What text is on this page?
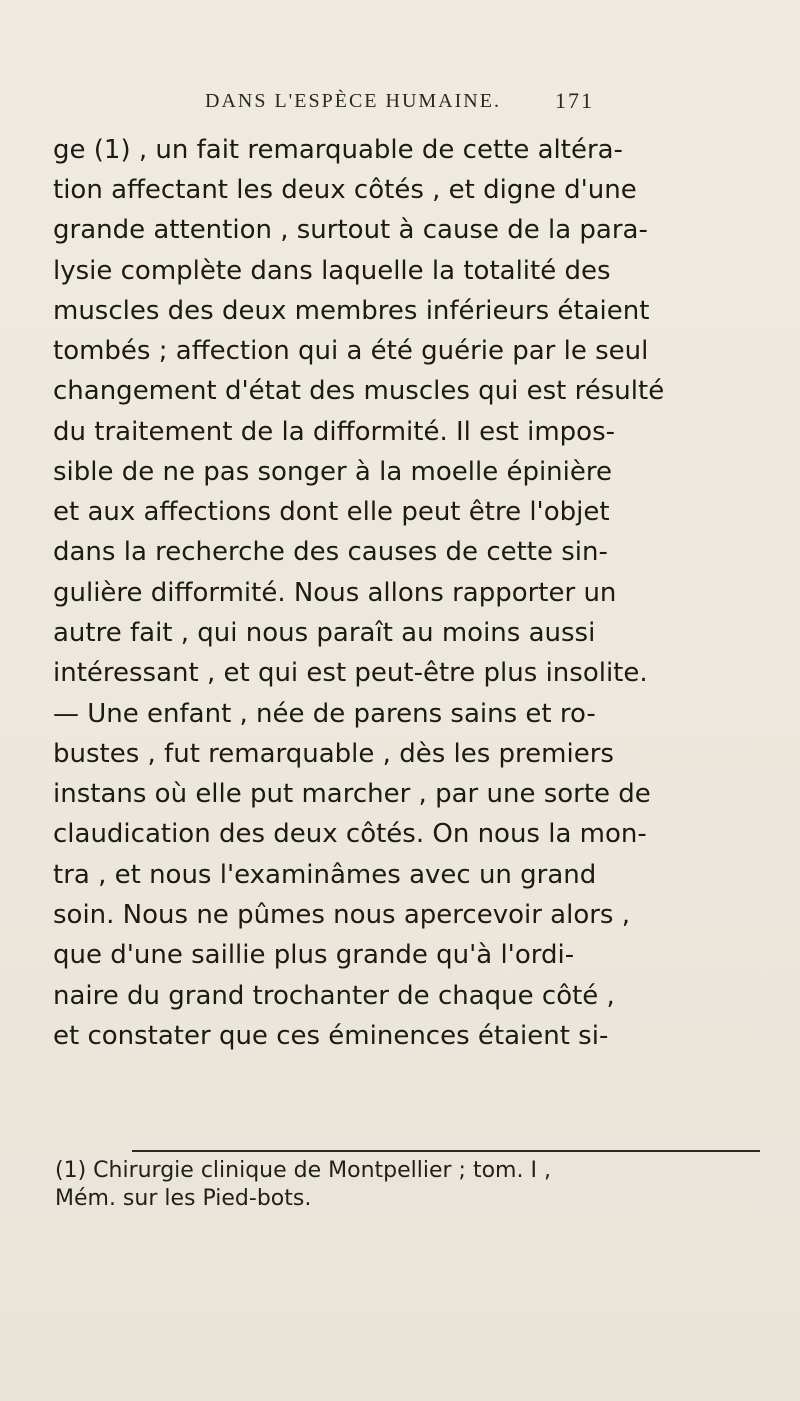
DANS L'ESPÈCE HUMAINE. 171
ge (1) , un fait remarquable de cette altéra-
tion affectant les deux côtés , et digne d'une
grande attention , surtout à cause de la para-
lysie complète dans laquelle la totalité des
muscles des deux membres inférieurs étaient
tombés ; affection qui a été guérie par le seul
changement d'état des muscles qui est résulté
du traitement de la difformité. Il est impos-
sible de ne pas songer à la moelle épinière
et aux affections dont elle peut être l'objet
dans la recherche des causes de cette sin-
gulière difformité. Nous allons rapporter un
autre fait , qui nous paraît au moins aussi
intéressant , et qui est peut-être plus insolite.
— Une enfant , née de parens sains et ro-
bustes , fut remarquable , dès les premiers
instans où elle put marcher , par une sorte de
claudication des deux côtés. On nous la mon-
tra , et nous l'examinâmes avec un grand
soin. Nous ne pûmes nous apercevoir alors ,
que d'une saillie plus grande qu'à l'ordi-
naire du grand trochanter de chaque côté ,
et constater que ces éminences étaient si-
(1) Chirurgie clinique de Montpellier ; tom. I ,
Mém. sur les Pied-bots.
